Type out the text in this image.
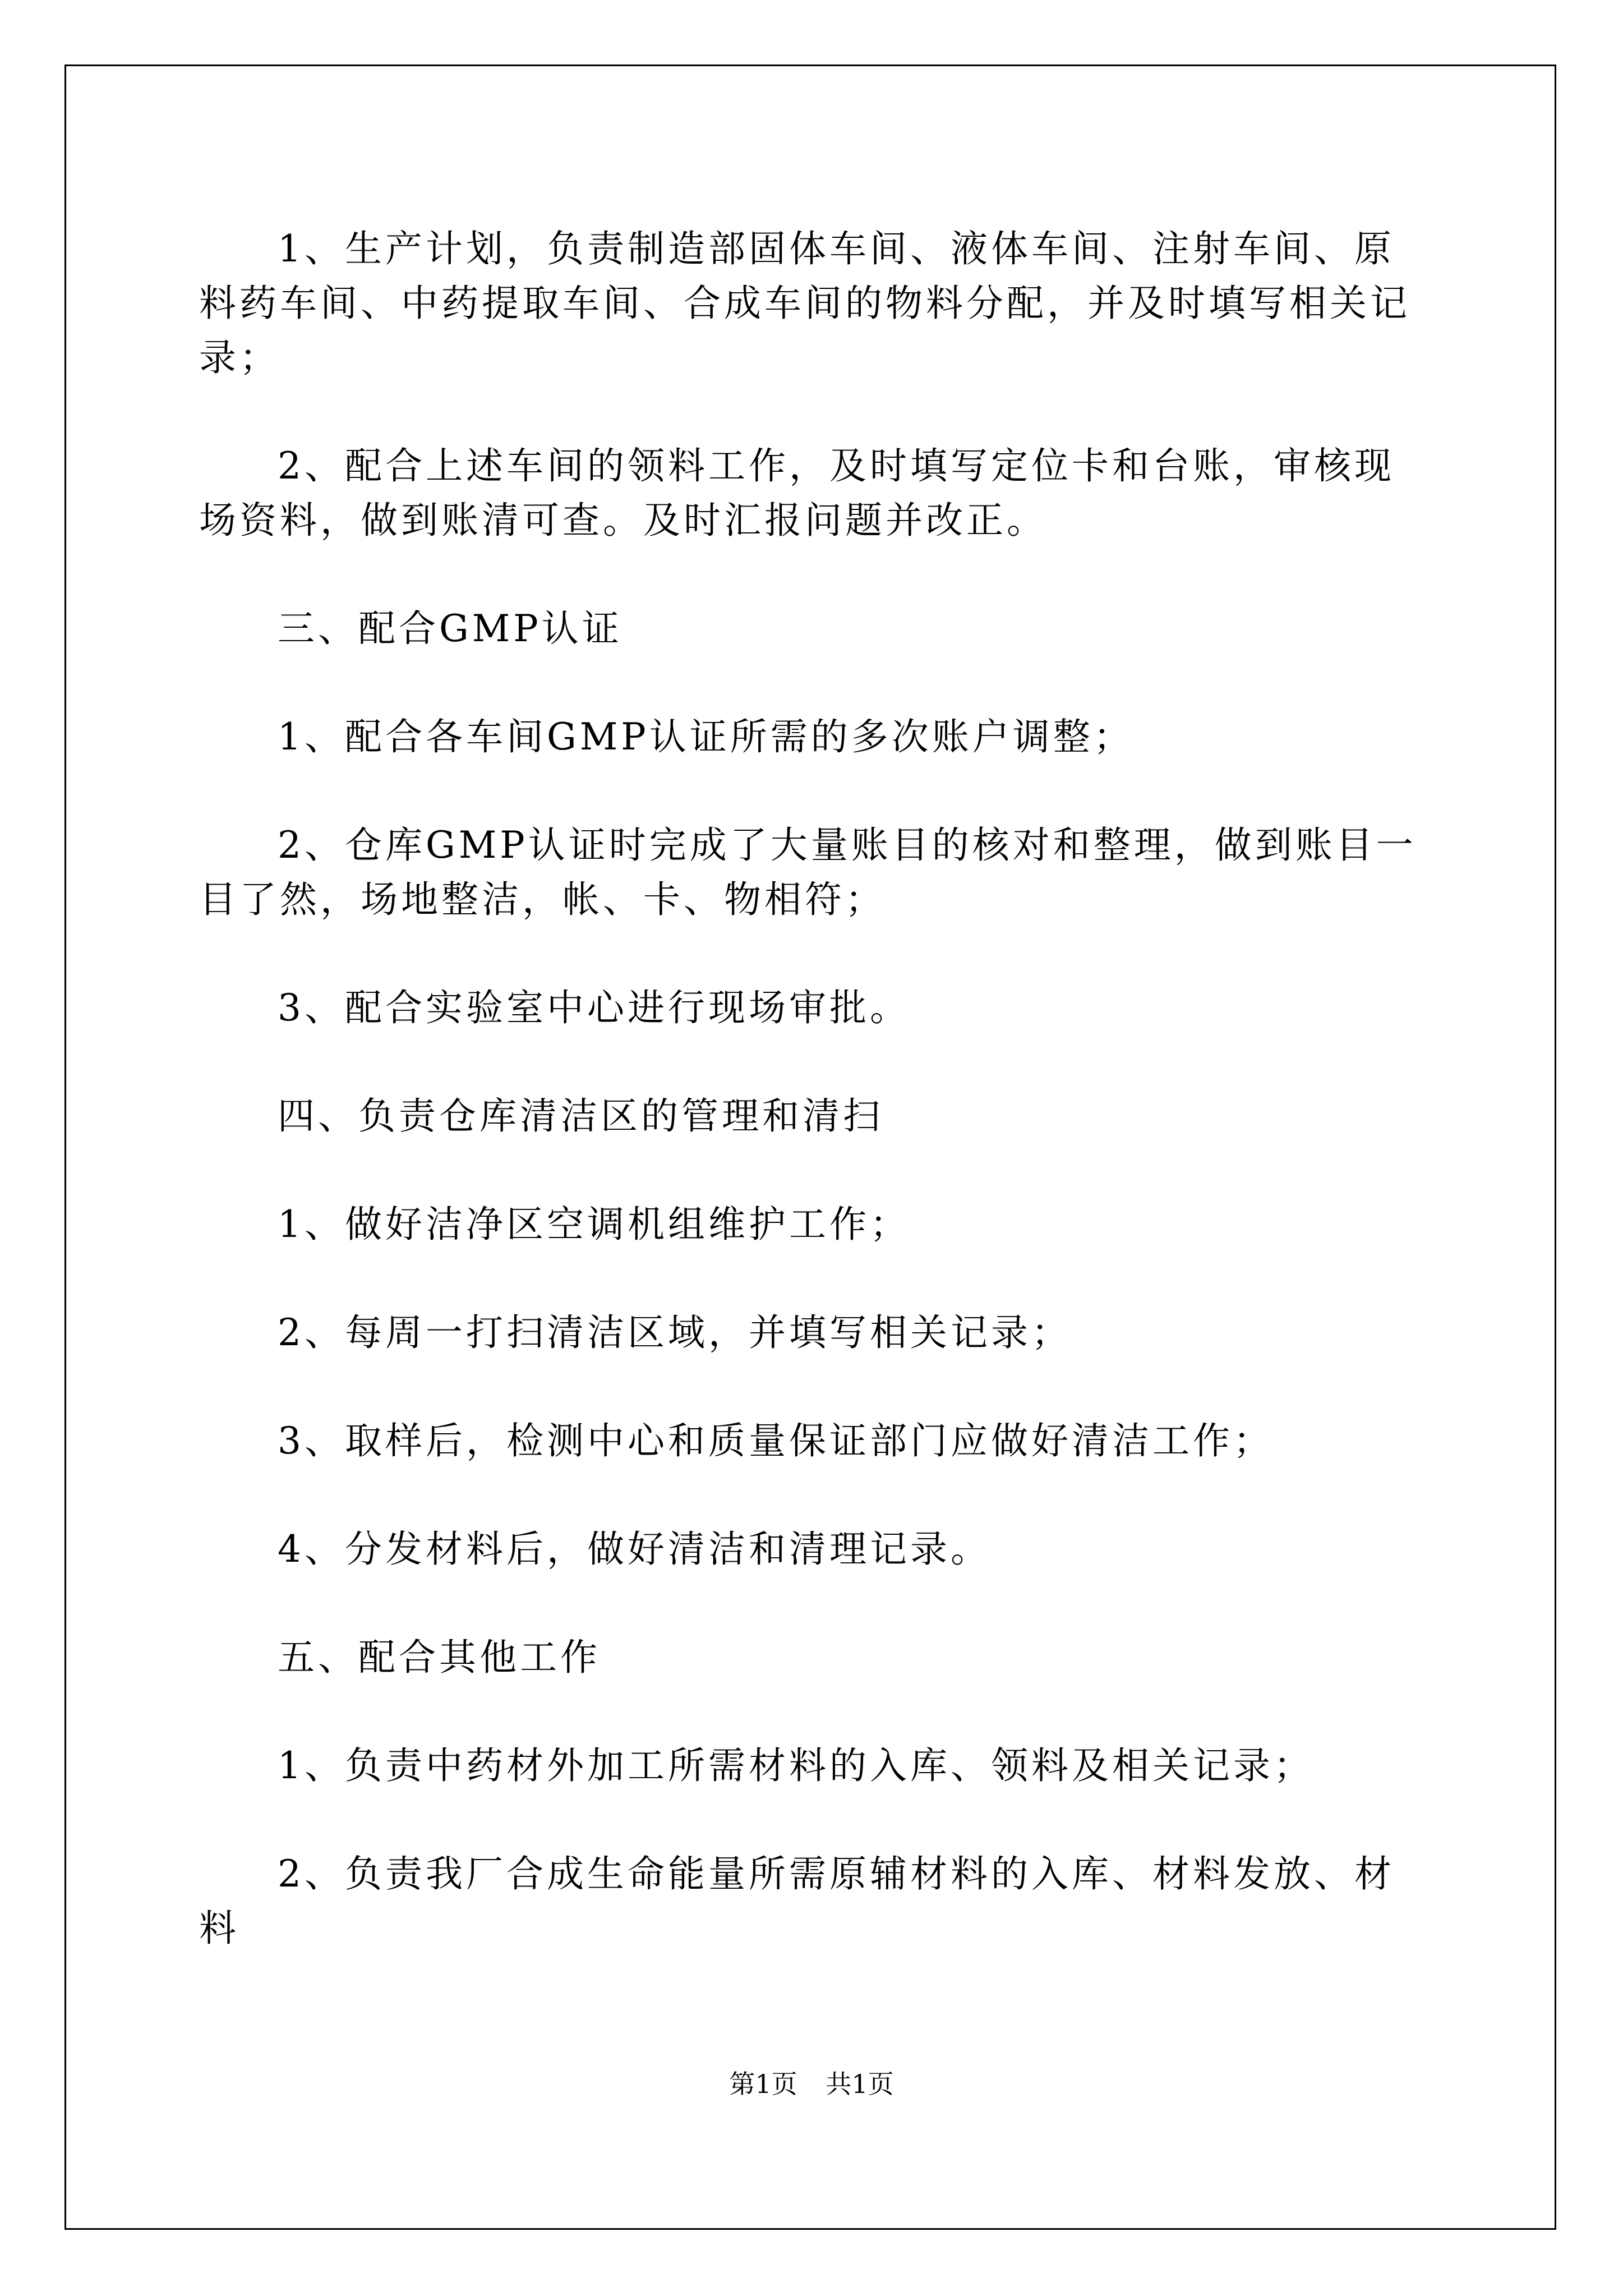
1、生产计划，负责制造部固体车间、液体车间、注射车间、原料药车间、中药提取车间、合成车间的物料分配，并及时填写相关记录；

2、配合上述车间的领料工作，及时填写定位卡和台账，审核现场资料，做到账清可查。及时汇报问题并改正。

三、配合GMP认证

1、配合各车间GMP认证所需的多次账户调整；

2、仓库GMP认证时完成了大量账目的核对和整理，做到账目一目了然，场地整洁，帐、卡、物相符；

3、配合实验室中心进行现场审批。

四、负责仓库清洁区的管理和清扫

1、做好洁净区空调机组维护工作；

2、每周一打扫清洁区域，并填写相关记录；

3、取样后，检测中心和质量保证部门应做好清洁工作；

4、分发材料后，做好清洁和清理记录。

五、配合其他工作

1、负责中药材外加工所需材料的入库、领料及相关记录；

2、负责我厂合成生命能量所需原辅材料的入库、材料发放、材料

第1页 共1页
